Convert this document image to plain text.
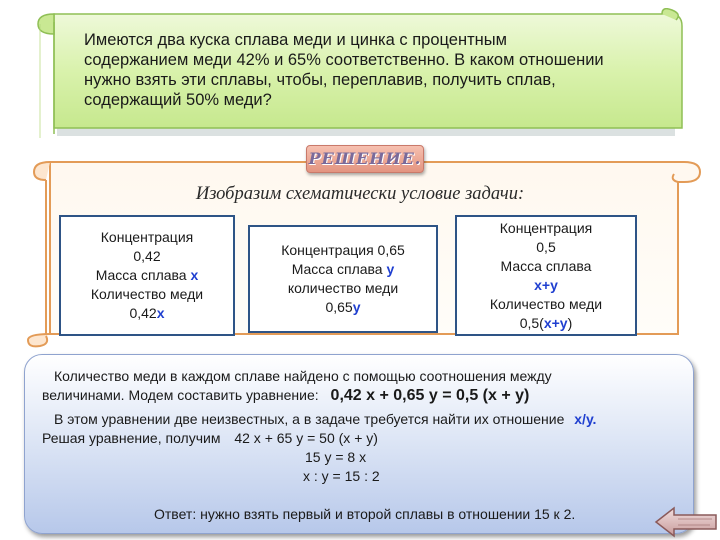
Имеются два куска сплава меди и цинка с процентным
содержанием меди 42% и 65% соответственно. В каком отношении
нужно взять эти сплавы, чтобы, переплавив, получить сплав,
содержащий 50% меди?
РЕШЕНИЕ.
Изобразим схематически условие задачи:
Концентрация
0,42
Масса сплава х
Количество меди
0,42х
Концентрация 0,65
Масса сплава у
количество меди
0,65у
Концентрация
0,5
Масса сплава
х+у
Количество меди
0,5(х+у)
Количество меди в каждом сплаве найдено с помощью соотношения между
величинами. Модем составить уравнение: 0,42 х + 0,65 у = 0,5 (х + у)
В этом уравнении две неизвестных, а в задаче требуется найти их отношение х/у.
Решая уравнение, получим 42 х + 65 у = 50 (х + у)
15 у = 8 х
х : у = 15 : 2
Ответ: нужно взять первый и второй сплавы в отношении 15 к 2.
